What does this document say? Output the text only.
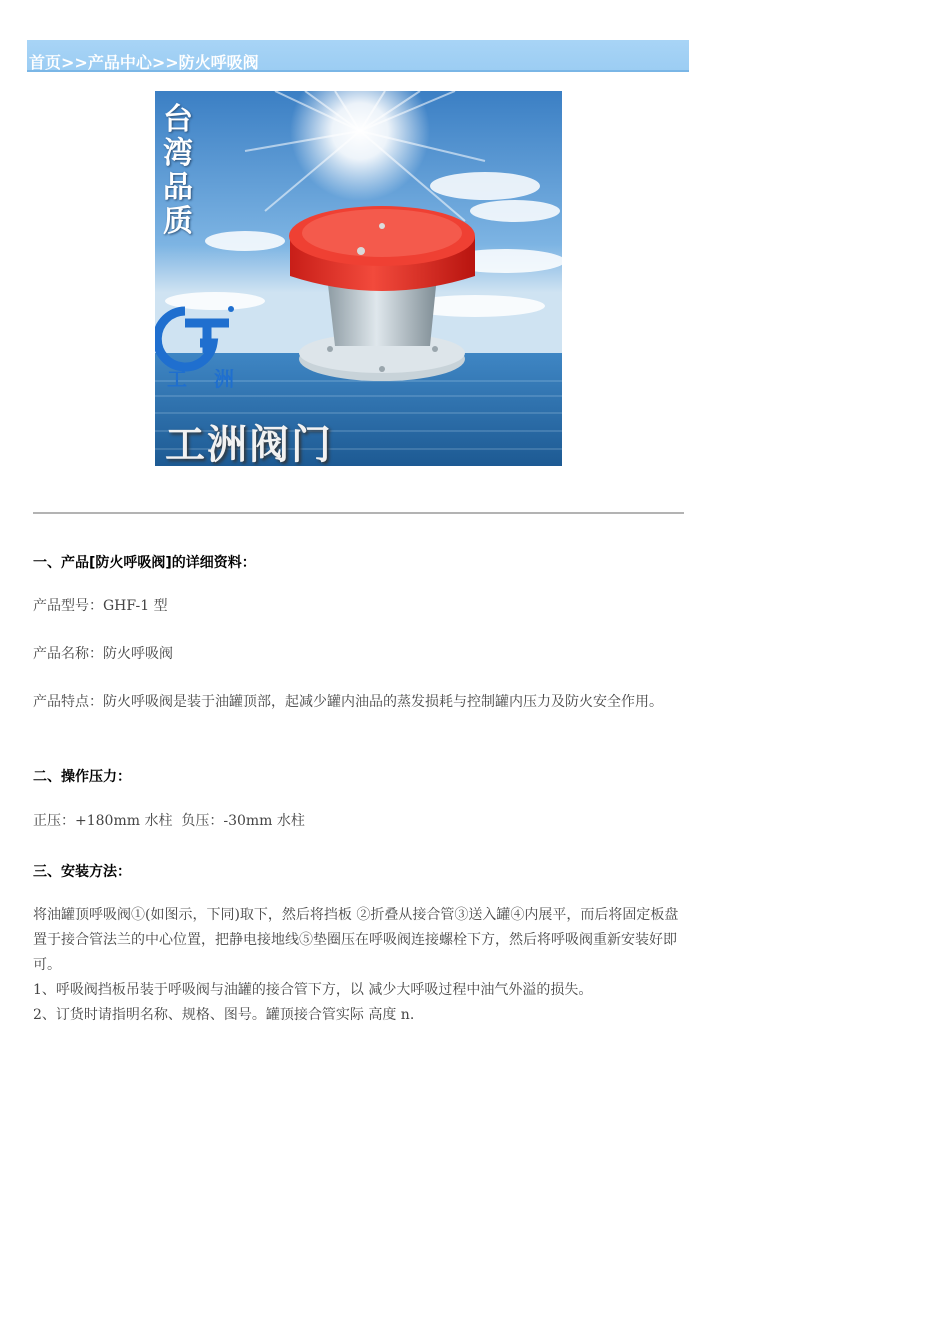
首页>>产品中心>>防火呼吸阀
台湾品质
工 洲
工洲阀门
一、产品[防火呼吸阀]的详细资料：

产品型号：GHF-1 型

产品名称：防火呼吸阀

产品特点：防火呼吸阀是装于油罐顶部，起减少罐内油品的蒸发损耗与控制罐内压力及防火安全作用。

二、操作压力：

正压：+180mm 水柱  负压：-30mm 水柱

三、安装方法：

将油罐顶呼吸阀①(如图示，下同)取下，然后将挡板 ②折叠从接合管③送入罐④内展平，而后将固定板盘置于接合管法兰的中心位置，把静电接地线⑤垫圈压在呼吸阀连接螺栓下方，然后将呼吸阀重新安装好即可。

1、呼吸阀挡板吊装于呼吸阀与油罐的接合管下方，以 减少大呼吸过程中油气外溢的损失。

2、订货时请指明名称、规格、图号。罐顶接合管实际 高度 n.
